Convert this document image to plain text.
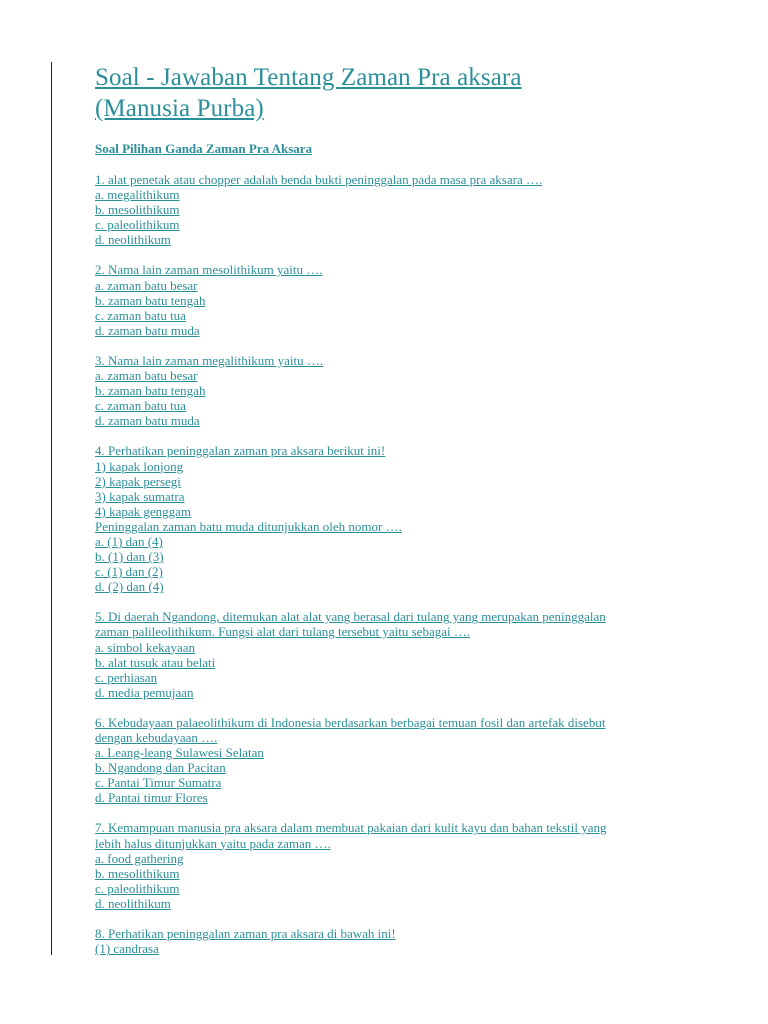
Soal - Jawaban Tentang Zaman Pra aksara
(Manusia Purba)
Soal Pilihan Ganda Zaman Pra Aksara
1. alat penetak atau chopper adalah benda bukti peninggalan pada masa pra aksara ….
a. megalithikum
b. mesolithikum
c. paleolithikum
d. neolithikum
2. Nama lain zaman mesolithikum yaitu ….
a. zaman batu besar
b. zaman batu tengah
c. zaman batu tua
d. zaman batu muda
3. Nama lain zaman megalithikum yaitu ….
a. zaman batu besar
b. zaman batu tengah
c. zaman batu tua
d. zaman batu muda
4. Perhatikan peninggalan zaman pra aksara berikut ini!
1) kapak lonjong
2) kapak persegi
3) kapak sumatra
4) kapak genggam
Peninggalan zaman batu muda ditunjukkan oleh nomor ….
a. (1) dan (4)
b. (1) dan (3)
c. (1) dan (2)
d. (2) dan (4)
5. Di daerah Ngandong, ditemukan alat alat yang berasal dari tulang yang merupakan peninggalan
zaman palileolithikum. Fungsi alat dari tulang tersebut yaitu sebagai ….
a. simbol kekayaan
b. alat tusuk atau belati
c. perhiasan
d. media pemujaan
6. Kebudayaan palaeolithikum di Indonesia berdasarkan berbagai temuan fosil dan artefak disebut
dengan kebudayaan ….
a. Leang-leang Sulawesi Selatan
b. Ngandong dan Pacitan
c. Pantai Timur Sumatra
d. Pantai timur Flores
7. Kemampuan manusia pra aksara dalam membuat pakaian dari kulit kayu dan bahan tekstil yang
lebih halus ditunjukkan yaitu pada zaman ….
a. food gathering
b. mesolithikum
c. paleolithikum
d. neolithikum
8. Perhatikan peninggalan zaman pra aksara di bawah ini!
(1) candrasa
